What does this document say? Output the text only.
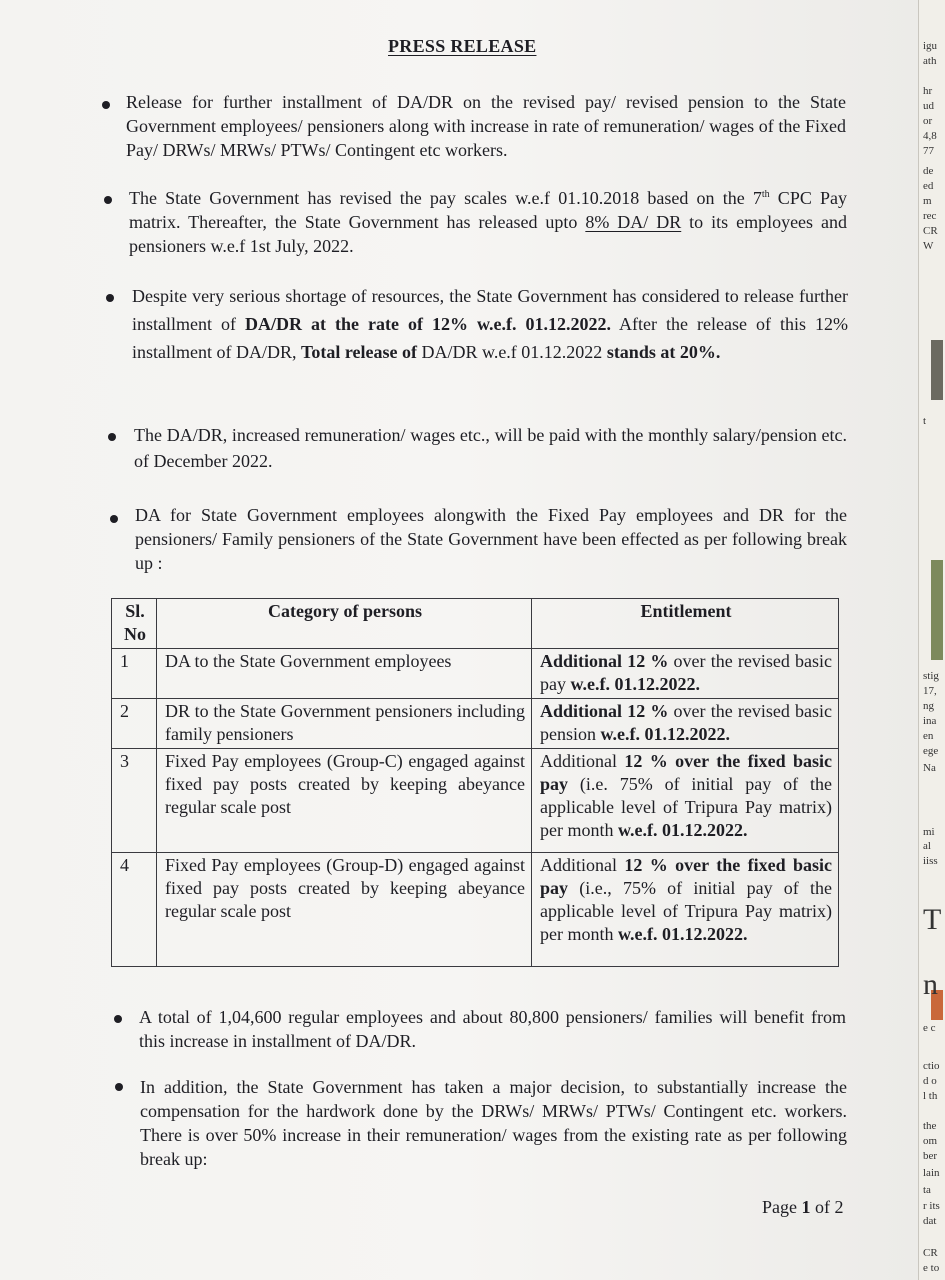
PRESS RELEASE
Release for further installment of DA/DR on the revised pay/ revised pension to the State Government employees/ pensioners along with increase in rate of remuneration/ wages of the Fixed Pay/ DRWs/ MRWs/ PTWs/ Contingent etc workers.
The State Government has revised the pay scales w.e.f 01.10.2018 based on the 7th CPC Pay matrix. Thereafter, the State Government has released upto 8% DA/ DR to its employees and pensioners w.e.f 1st July, 2022.
Despite very serious shortage of resources, the State Government has considered to release further installment of DA/DR at the rate of 12% w.e.f. 01.12.2022. After the release of this 12% installment of DA/DR, Total release of DA/DR w.e.f 01.12.2022 stands at 20%.
The DA/DR, increased remuneration/ wages etc., will be paid with the monthly salary/pension etc. of December 2022.
DA for State Government employees alongwith the Fixed Pay employees and DR for the pensioners/ Family pensioners of the State Government have been effected as per following break up :
Sl. No	Category of persons	Entitlement
1	DA to the State Government employees	Additional 12 % over the revised basic pay w.e.f. 01.12.2022.
2	DR to the State Government pensioners including family pensioners	Additional 12 % over the revised basic pension w.e.f. 01.12.2022.
3	Fixed Pay employees (Group-C) engaged against fixed pay posts created by keeping abeyance regular scale post	Additional 12 % over the fixed basic pay (i.e. 75% of initial pay of the applicable level of Tripura Pay matrix) per month w.e.f. 01.12.2022.
4	Fixed Pay employees (Group-D) engaged against fixed pay posts created by keeping abeyance regular scale post	Additional 12 % over the fixed basic pay (i.e., 75% of initial pay of the applicable level of Tripura Pay matrix) per month w.e.f. 01.12.2022.
A total of 1,04,600 regular employees and about 80,800 pensioners/ families will benefit from this increase in installment of DA/DR.
In addition, the State Government has taken a major decision, to substantially increase the compensation for the hardwork done by the DRWs/ MRWs/ PTWs/ Contingent etc. workers. There is over 50% increase in their remuneration/ wages from the existing rate as per following break up:
Page 1 of 2
igu
ath
hr
ud
or
4,8
77
de
ed
m
rec
CR
W
t
stig
17,
ng
ina
en
ege
Na
mi
al
iiss
T
n
e c
ctio
d o
l th
the
om
ber
lain
ta
r its
dat
CR
e to
